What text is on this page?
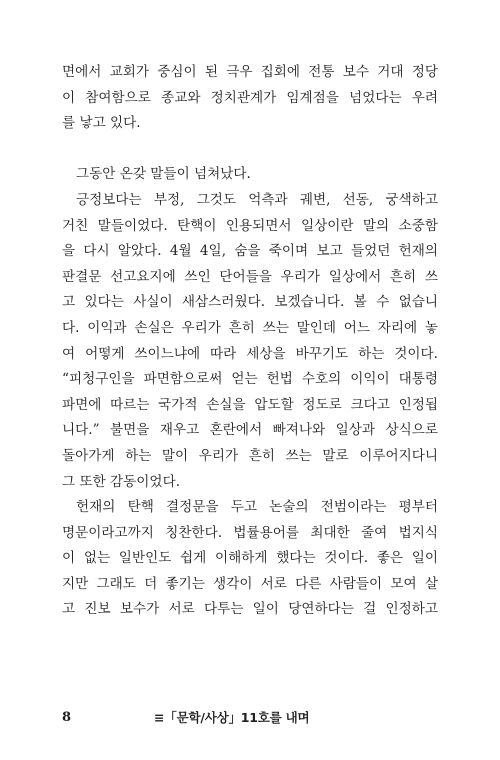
면에서 교회가 중심이 된 극우 집회에 전통 보수 거대 정당

이 참여함으로 종교와 정치관계가 임계점을 넘었다는 우려

를 낳고 있다.

그동안 온갖 말들이 넘쳐났다.

긍정보다는 부정, 그것도 억측과 궤변, 선동, 궁색하고

거친 말들이었다. 탄핵이 인용되면서 일상이란 말의 소중함

을 다시 알았다. 4월 4일, 숨을 죽이며 보고 들었던 헌재의

판결문 선고요지에 쓰인 단어들을 우리가 일상에서 흔히 쓰

고 있다는 사실이 새삼스러웠다. 보겠습니다. 볼 수 없습니

다. 이익과 손실은 우리가 흔히 쓰는 말인데 어느 자리에 놓

여 어떻게 쓰이느냐에 따라 세상을 바꾸기도 하는 것이다.

“피청구인을 파면함으로써 얻는 헌법 수호의 이익이 대통령

파면에 따르는 국가적 손실을 압도할 정도로 크다고 인정됩

니다.” 불면을 재우고 혼란에서 빠져나와 일상과 상식으로

돌아가게 하는 말이 우리가 흔히 쓰는 말로 이루어지다니

그 또한 감동이었다.

헌재의 탄핵 결정문을 두고 논술의 전범이라는 평부터

명문이라고까지 칭찬한다. 법률용어를 최대한 줄여 법지식

이 없는 일반인도 쉽게 이해하게 했다는 것이다. 좋은 일이

지만 그래도 더 좋기는 생각이 서로 다른 사람들이 모여 살

고 진보 보수가 서로 다투는 일이 당연하다는 걸 인정하고

8	≡「문학/사상」11호를 내며
